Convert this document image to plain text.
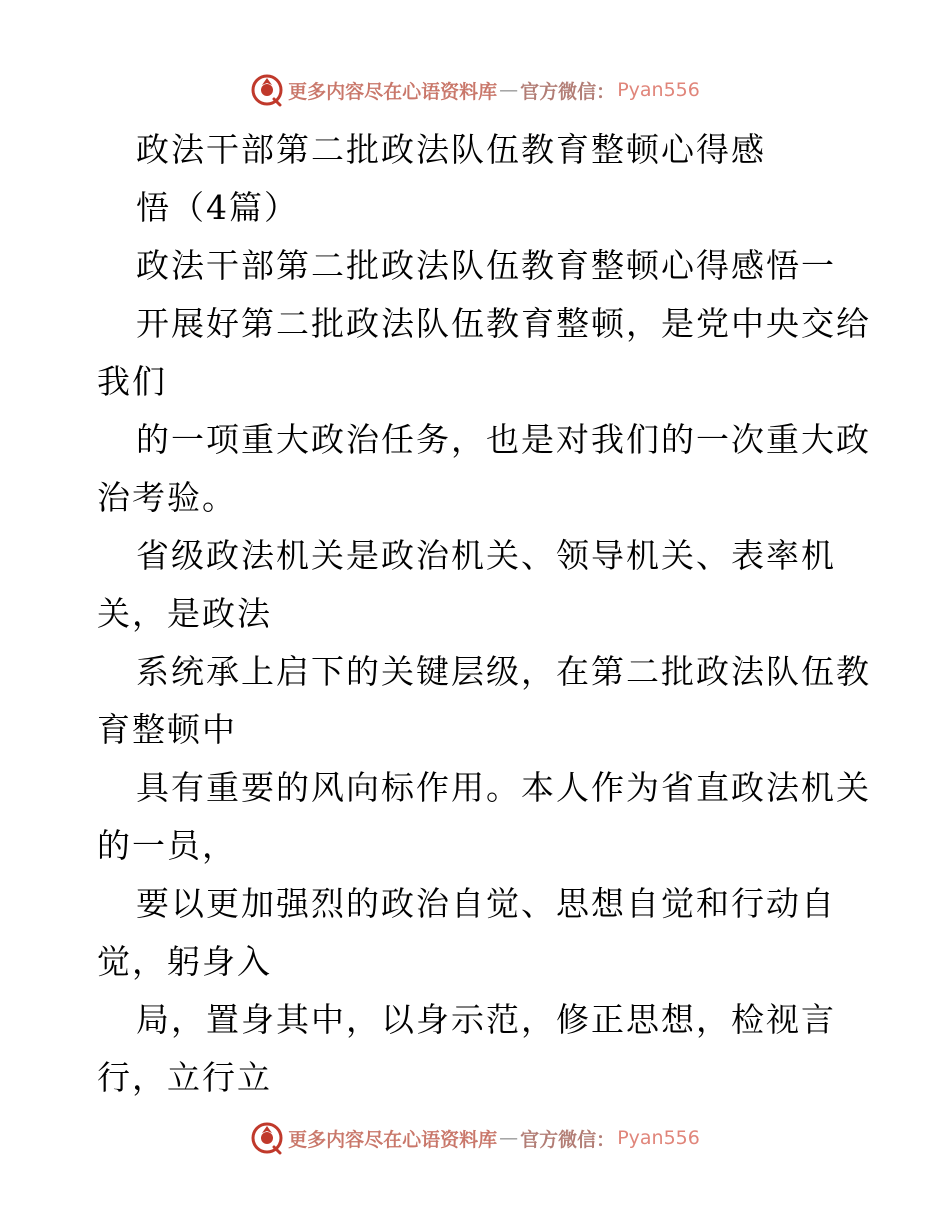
更多内容尽在心语资料库 — 官方微信： Pyan556
政法干部第二批政法队伍教育整顿心得感
悟（4篇）
政法干部第二批政法队伍教育整顿心得感悟一
开展好第二批政法队伍教育整顿，是党中央交给
我们
的一项重大政治任务，也是对我们的一次重大政
治考验。
省级政法机关是政治机关、领导机关、表率机
关，是政法
系统承上启下的关键层级，在第二批政法队伍教
育整顿中
具有重要的风向标作用。本人作为省直政法机关
的一员，
要以更加强烈的政治自觉、思想自觉和行动自
觉，躬身入
局，置身其中，以身示范，修正思想，检视言
行，立行立
更多内容尽在心语资料库 — 官方微信： Pyan556
